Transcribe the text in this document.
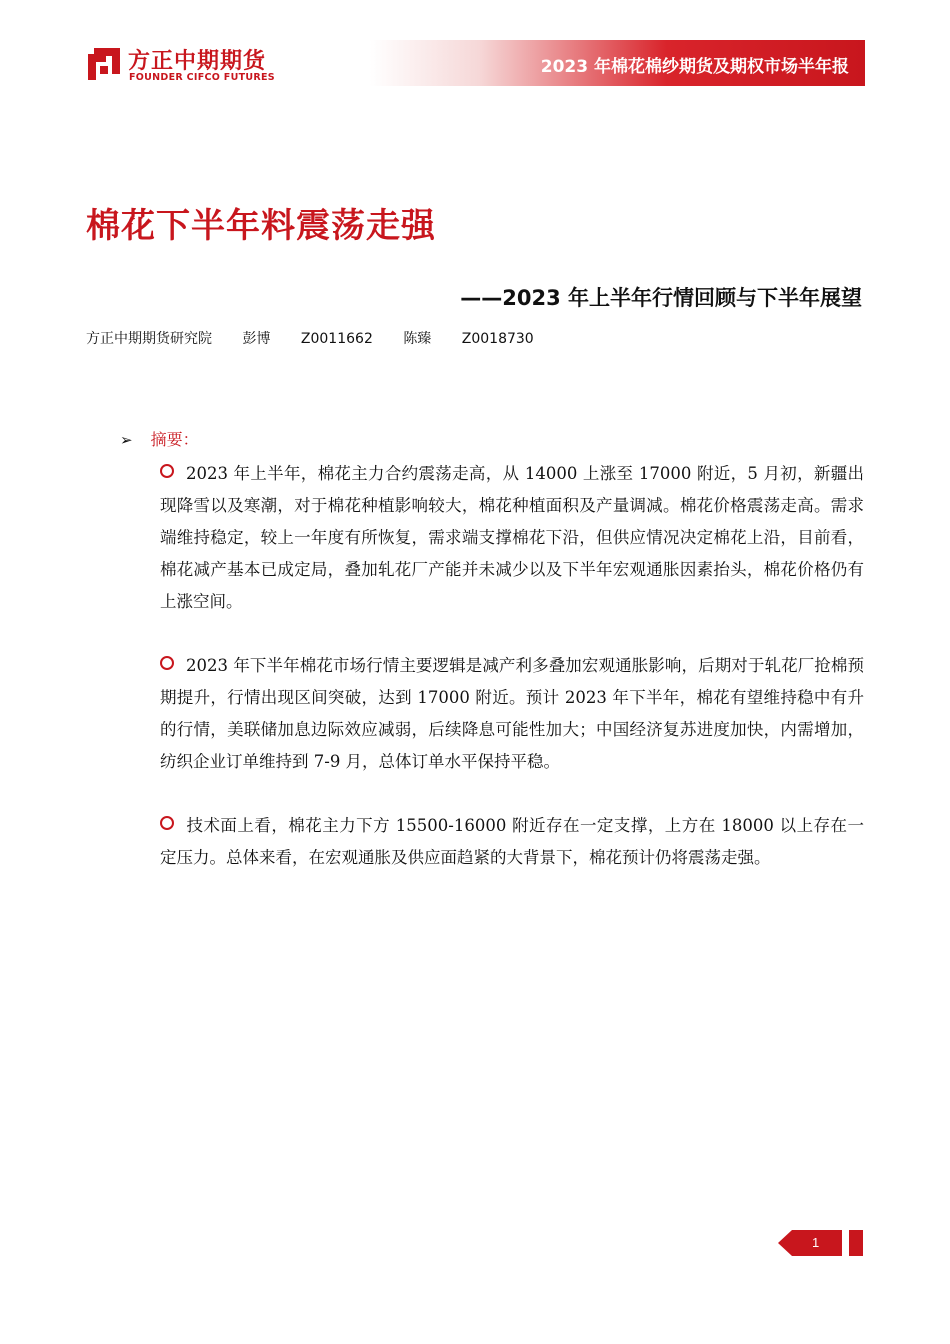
方正中期期货
FOUNDER CIFCO FUTURES
2023 年棉花棉纱期货及期权市场半年报
棉花下半年料震荡走强
——2023 年上半年行情回顾与下半年展望
方正中期期货研究院 彭博 Z0011662 陈臻 Z0018730
➢ 摘要：
2023 年上半年，棉花主力合约震荡走高，从 14000 上涨至 17000 附近，5 月初，新疆出现降雪以及寒潮，对于棉花种植影响较大，棉花种植面积及产量调减。棉花价格震荡走高。需求端维持稳定，较上一年度有所恢复，需求端支撑棉花下沿，但供应情况决定棉花上沿，目前看，棉花减产基本已成定局，叠加轧花厂产能并未减少以及下半年宏观通胀因素抬头，棉花价格仍有上涨空间。
2023 年下半年棉花市场行情主要逻辑是减产利多叠加宏观通胀影响，后期对于轧花厂抢棉预期提升，行情出现区间突破，达到 17000 附近。预计 2023 年下半年，棉花有望维持稳中有升的行情，美联储加息边际效应减弱，后续降息可能性加大；中国经济复苏进度加快，内需增加，纺织企业订单维持到 7-9 月，总体订单水平保持平稳。
技术面上看，棉花主力下方 15500-16000 附近存在一定支撑，上方在 18000 以上存在一定压力。总体来看，在宏观通胀及供应面趋紧的大背景下，棉花预计仍将震荡走强。
1
